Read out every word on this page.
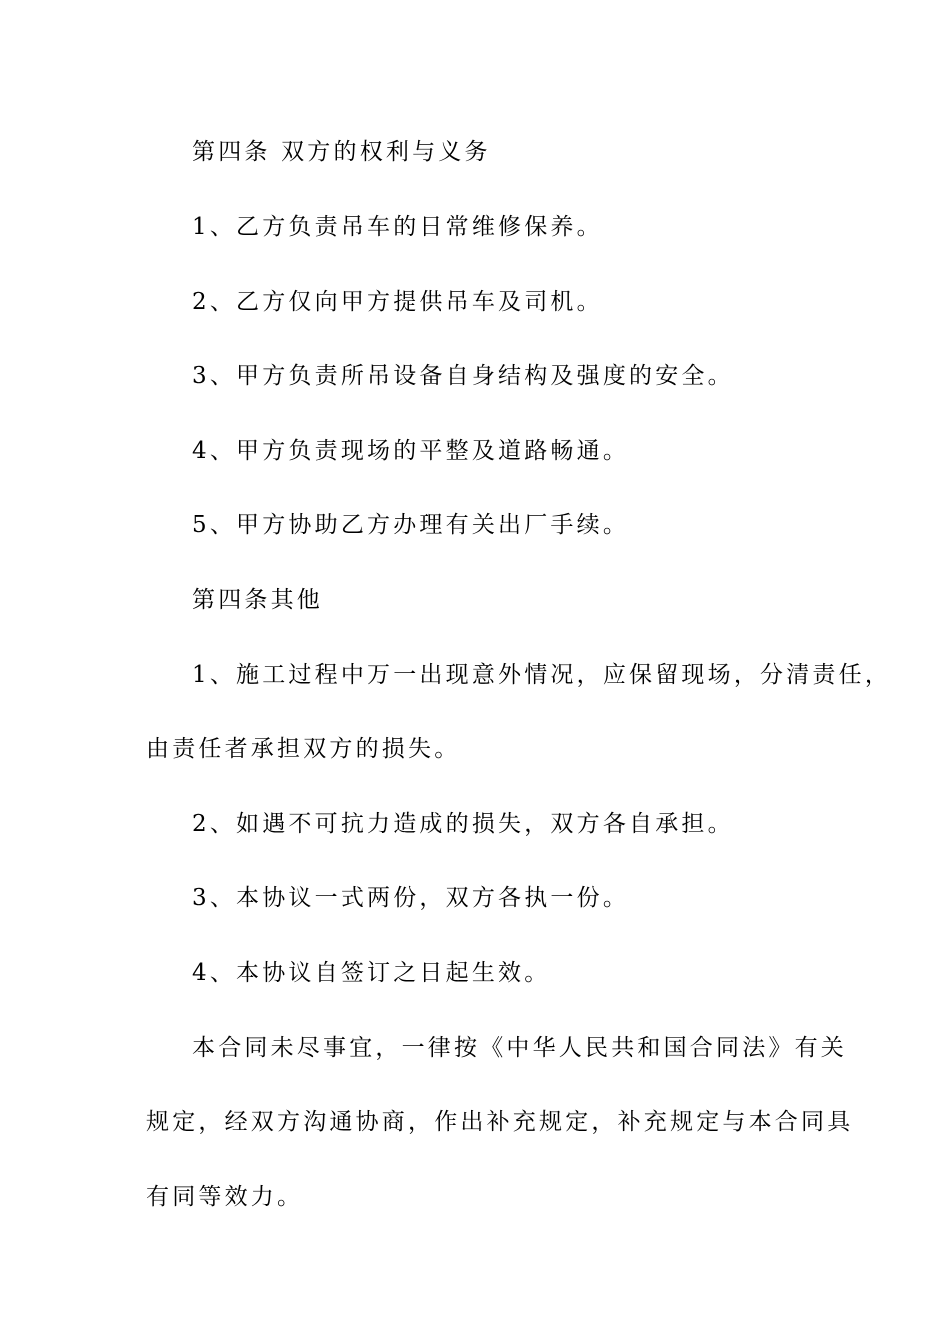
第四条 双方的权利与义务
1、乙方负责吊车的日常维修保养。
2、乙方仅向甲方提供吊车及司机。
3、甲方负责所吊设备自身结构及强度的安全。
4、甲方负责现场的平整及道路畅通。
5、甲方协助乙方办理有关出厂手续。
第四条其他
1、施工过程中万一出现意外情况，应保留现场，分清责任，
由责任者承担双方的损失。
2、如遇不可抗力造成的损失，双方各自承担。
3、本协议一式两份，双方各执一份。
4、本协议自签订之日起生效。
本合同未尽事宜，一律按《中华人民共和国合同法》有关
规定，经双方沟通协商，作出补充规定，补充规定与本合同具
有同等效力。
